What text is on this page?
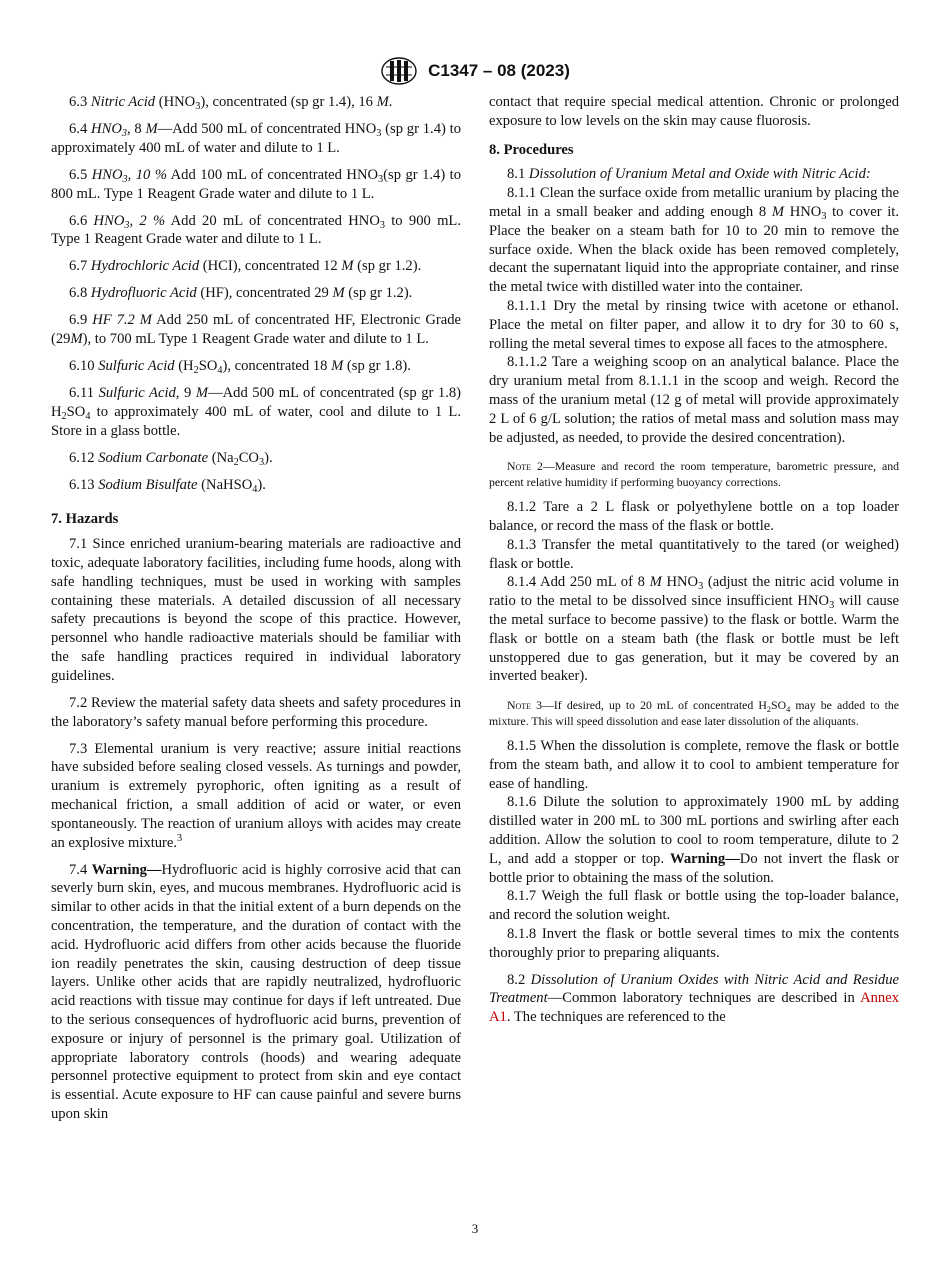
C1347 – 08 (2023)

6.3 Nitric Acid $(HNO_3)$, concentrated (sp gr 1.4), 16 M.

6.4 $HNO_3$, 8 M—Add 500 mL of concentrated $HNO_3$ (sp gr 1.4) to approximately 400 mL of water and dilute to 1 L.

6.5 $HNO_3$, 10 % Add 100 mL of concentrated $HNO_3(sp$ gr 1.4) to 800 mL. Type 1 Reagent Grade water and dilute to 1 L.

6.6 $HNO_3$, 2 % Add 20 mL of concentrated $HNO_3$ to 900 mL. Type 1 Reagent Grade water and dilute to 1 L.

6.7 Hydrochloric Acid (HCI), concentrated 12 M (sp gr 1.2).

6.8 Hydrofluoric Acid (HF), concentrated 29 M (sp gr 1.2).

6.9 HF 7.2 M Add 250 mL of concentrated HF, Electronic Grade (29M), to 700 mL Type 1 Reagent Grade water and dilute to 1 L.

6.10 Sulfuric Acid $(H_2SO_4)$, concentrated 18 M (sp gr 1.8).

6.11 Sulfuric Acid, 9 M—Add 500 mL of concentrated (sp gr 1.8) $H_2SO_4$ to approximately 400 mL of water, cool and dilute to 1 L. Store in a glass bottle.

6.12 Sodium Carbonate $(Na_2CO_3)$.

6.13 Sodium Bisulfate (NaHSO$_4$).

7. Hazards

7.1 Since enriched uranium-bearing materials are radioactive and toxic, adequate laboratory facilities, including fume hoods, along with safe handling techniques, must be used in working with samples containing these materials. A detailed discussion of all necessary safety precautions is beyond the scope of this practice. However, personnel who handle radioactive materials should be familiar with the safe handling practices required in individual laboratory guidelines.

7.2 Review the material safety data sheets and safety procedures in the laboratory’s safety manual before performing this procedure.

7.3 Elemental uranium is very reactive; assure initial reactions have subsided before sealing closed vessels. As turnings and powder, uranium is extremely pyrophoric, often igniting as a result of mechanical friction, a small addition of acid or water, or even spontaneously. The reaction of uranium alloys with acides may create an explosive mixture.$^3$

7.4 Warning—Hydrofluoric acid is highly corrosive acid that can severly burn skin, eyes, and mucous membranes. Hydrofluoric acid is similar to other acids in that the initial extent of a burn depends on the concentration, the temperature, and the duration of contact with the acid. Hydrofluoric acid differs from other acids because the fluoride ion readily penetrates the skin, causing destruction of deep tissue layers. Unlike other acids that are rapidly neutralized, hydrofluoric acid reactions with tissue may continue for days if left untreated. Due to the serious consequences of hydrofluoric acid burns, prevention of exposure or injury of personnel is the primary goal. Utilization of appropriate laboratory controls (hoods) and wearing adequate personnel protective equipment to protect from skin and eye contact is essential. Acute exposure to HF can cause painful and severe burns upon skin

contact that require special medical attention. Chronic or prolonged exposure to low levels on the skin may cause fluorosis.

8. Procedures

8.1 Dissolution of Uranium Metal and Oxide with Nitric Acid:

8.1.1 Clean the surface oxide from metallic uranium by placing the metal in a small beaker and adding enough 8 M $HNO_3$ to cover it. Place the beaker on a steam bath for 10 to 20 min to remove the surface oxide. When the black oxide has been removed completely, decant the supernatant liquid into the appropriate container, and rinse the metal twice with distilled water into the container.

8.1.1.1 Dry the metal by rinsing twice with acetone or ethanol. Place the metal on filter paper, and allow it to dry for 30 to 60 s, rolling the metal several times to expose all faces to the atmosphere.

8.1.1.2 Tare a weighing scoop on an analytical balance. Place the dry uranium metal from 8.1.1.1 in the scoop and weigh. Record the mass of the uranium metal (12 g of metal will provide approximately 2 L of 6 g/L solution; the ratios of metal mass and solution mass may be adjusted, as needed, to provide the desired concentration).

Note 2—Measure and record the room temperature, barometric pressure, and percent relative humidity if performing buoyancy corrections.

8.1.2 Tare a 2 L flask or polyethylene bottle on a top loader balance, or record the mass of the flask or bottle.

8.1.3 Transfer the metal quantitatively to the tared (or weighed) flask or bottle.

8.1.4 Add 250 mL of 8 M $HNO_3$ (adjust the nitric acid volume in ratio to the metal to be dissolved since insufficient $HNO_3$ will cause the metal surface to become passive) to the flask or bottle. Warm the flask or bottle on a steam bath (the flask or bottle must be left unstoppered due to gas generation, but it may be covered by an inverted beaker).

Note 3—If desired, up to 20 mL of concentrated $H_2SO_4$ may be added to the mixture. This will speed dissolution and ease later dissolution of the aliquants.

8.1.5 When the dissolution is complete, remove the flask or bottle from the steam bath, and allow it to cool to ambient temperature for ease of handling.

8.1.6 Dilute the solution to approximately 1900 mL by adding distilled water in 200 mL to 300 mL portions and swirling after each addition. Allow the solution to cool to room temperature, dilute to 2 L, and add a stopper or top. Warning—Do not invert the flask or bottle prior to obtaining the mass of the solution.

8.1.7 Weigh the full flask or bottle using the top-loader balance, and record the solution weight.

8.1.8 Invert the flask or bottle several times to mix the contents thoroughly prior to preparing aliquants.

8.2 Dissolution of Uranium Oxides with Nitric Acid and Residue Treatment—Common laboratory techniques are described in Annex A1. The techniques are referenced to the

3
